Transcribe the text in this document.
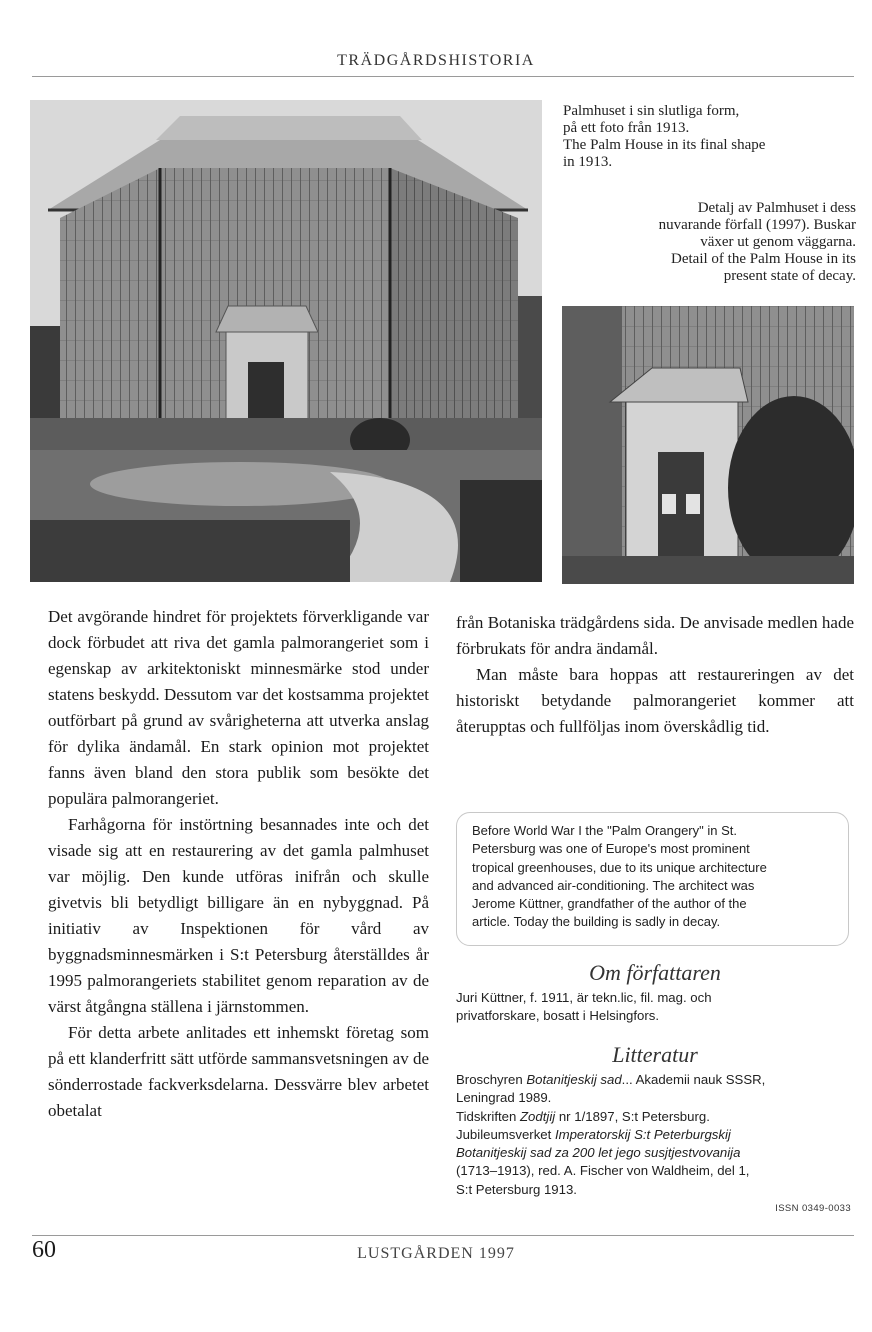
TRÄDGÅRDSHISTORIA
Palmhuset i sin slutliga form,
på ett foto från 1913.
The Palm House in its final shape
in 1913.
Detalj av Palmhuset i dess
nuvarande förfall (1997). Buskar
växer ut genom väggarna.
Detail of the Palm House in its
present state of decay.

Det avgörande hindret för projektets förverkligande var dock förbudet att riva det gamla palmorangeriet som i egenskap av arkitektoniskt minnesmärke stod under statens beskydd. Dessutom var det kostsamma projektet outförbart på grund av svårigheterna att utverka anslag för dylika ändamål. En stark opinion mot projektet fanns även bland den stora publik som besökte det populära palmorangeriet.

Farhågorna för instörtning besannades inte och det visade sig att en restaurering av det gamla palmhuset var möjlig. Den kunde utföras inifrån och skulle givetvis bli betydligt billigare än en nybyggnad. På initiativ av Inspektionen för vård av byggnadsminnesmärken i S:t Petersburg återställdes år 1995 palmorangeriets stabilitet genom reparation av de värst åtgångna ställena i järnstommen.

För detta arbete anlitades ett inhemskt företag som på ett klanderfritt sätt utförde sammansvetsningen av de sönderrostade fackverksdelarna. Dessvärre blev arbetet obetalat

från Botaniska trädgårdens sida. De anvisade medlen hade förbrukats för andra ändamål.

Man måste bara hoppas att restaureringen av det historiskt betydande palmorangeriet kommer att återupptas och fullföljas inom överskådlig tid.

Before World War I the "Palm Orangery" in St.
Petersburg was one of Europe's most prominent
tropical greenhouses, due to its unique architecture
and advanced air-conditioning. The architect was
Jerome Küttner, grandfather of the author of the
article. Today the building is sadly in decay.
Om författaren
Juri Küttner, f. 1911, är tekn.lic, fil. mag. och
privatforskare, bosatt i Helsingfors.
Litteratur
Broschyren Botanitjeskij sad... Akademii nauk SSSR,
Leningrad 1989.
Tidskriften Zodtjij nr 1/1897, S:t Petersburg.
Jubileumsverket Imperatorskij S:t Peterburgskij
Botanitjeskij sad za 200 let jego susjtjestvovanija
(1713–1913), red. A. Fischer von Waldheim, del 1,
S:t Petersburg 1913.
ISSN 0349-0033
60	LUSTGÅRDEN 1997
